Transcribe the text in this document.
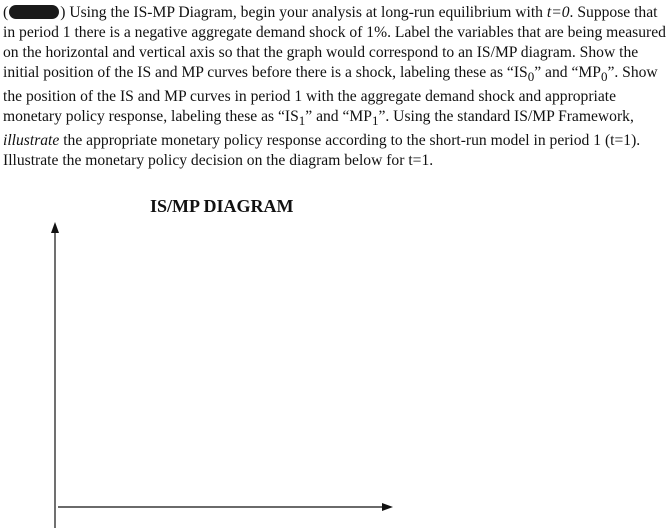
(	) Using the IS-MP Diagram, begin your analysis at long-run equilibrium with t=0. Suppose that in period 1 there is a negative aggregate demand shock of 1%. Label the variables that are being measured on the horizontal and vertical axis so that the graph would correspond to an IS/MP diagram. Show the initial position of the IS and MP curves before there is a shock, labeling these as “$IS_0$” and “$MP_0$”. Show the position of the IS and MP curves in period 1 with the aggregate demand shock and appropriate monetary policy response, labeling these as “$IS_1$” and “$MP_1$”. Using the standard IS/MP Framework, illustrate the appropriate monetary policy response according to the short-run model in period 1 (t=1). Illustrate the monetary policy decision on the diagram below for t=1.

IS/MP DIAGRAM
